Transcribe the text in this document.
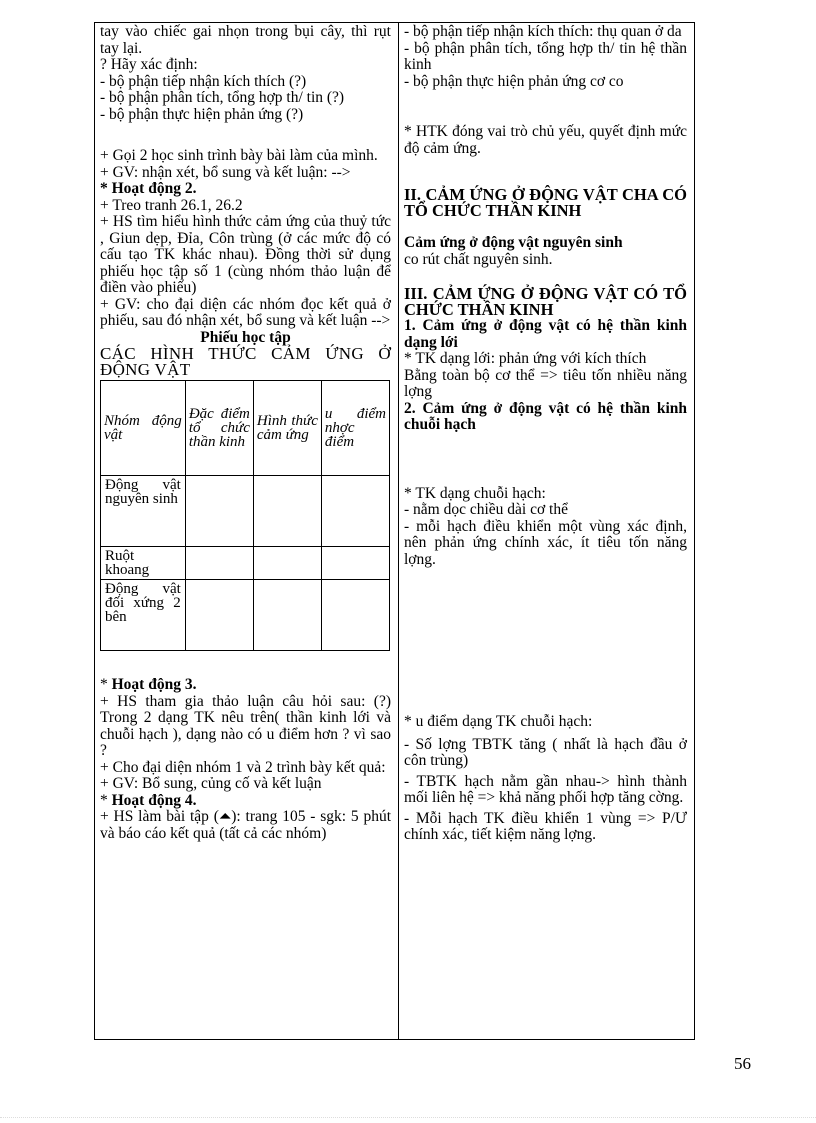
tay vào chiếc gai nhọn trong bụi cây, thì rụt tay lại.

? Hãy xác định:

- bộ phận tiếp nhận kích thích (?)

- bộ phận phân tích, tổng hợp th/ tin (?)

- bộ phận thực hiện phản ứng (?)

+ Gọi 2 học sinh trình bày bài làm của mình.

+ GV: nhận xét, bổ sung và kết luận: -->

* Hoạt động 2.

+ Treo tranh 26.1, 26.2

+ HS tìm hiểu hình thức cảm ứng của thuỷ tức , Giun dẹp, Đỉa, Côn trùng (ở các mức độ có cấu tạo TK khác nhau). Đồng thời sử dụng phiếu học tập số 1 (cùng nhóm thảo luận để điền vào phiếu)

+ GV: cho đại diện các nhóm đọc kết quả ở phiếu, sau đó nhận xét, bổ sung và kết luận -->

Phiếu học tập

CÁC HÌNH THỨC CẢM ỨNG Ở ĐỘNG VẬT

Nhóm động vật	Đặc điểm tổ chức thần kinh	Hình thức cảm ứng	u điểm nhợc điểm
Động vật nguyên sinh			
Ruột khoang			
Động vật đối xứng 2 bên			

* Hoạt động 3.

+ HS tham gia thảo luận câu hỏi sau: (?) Trong 2 dạng TK nêu trên( thần kinh lới và chuỗi hạch ), dạng nào có u điểm hơn ? vì sao ?

+ Cho đại diện nhóm 1 và 2 trình bày kết quả:

+ GV: Bổ sung, củng cố và kết luận

* Hoạt động 4.

+ HS làm bài tập (⏶): trang 105 - sgk: 5 phút và báo cáo kết quả (tất cả các nhóm)

- bộ phận tiếp nhận kích thích: thụ quan ở da

- bộ phận phân tích, tổng hợp th/ tin hệ thần kinh

- bộ phận thực hiện phản ứng cơ co

* HTK đóng vai trò chủ yếu, quyết định mức độ cảm ứng.

II. CẢM ỨNG Ở ĐỘNG VẬT CHA CÓ TỔ CHỨC THẦN KINH

Cảm ứng ở động vật nguyên sinh

co rút chất nguyên sinh.

III. CẢM ỨNG Ở ĐỘNG VẬT CÓ TỔ CHỨC THẦN KINH

1. Cảm ứng ở động vật có hệ thần kinh dạng lới

* TK dạng lới: phản ứng với kích thích

Bằng toàn bộ cơ thể => tiêu tốn nhiều năng lợng

2. Cảm ứng ở động vật có hệ thần kinh chuỗi hạch

* TK dạng chuỗi hạch:

- nằm dọc chiều dài cơ thể

- mỗi hạch điều khiển một vùng xác định, nên phản ứng chính xác, ít tiêu tốn năng lợng.

* u điểm dạng TK chuỗi hạch:

- Số lợng TBTK tăng ( nhất là hạch đầu ở côn trùng)

- TBTK hạch nằm gần nhau-> hình thành mối liên hệ => khả năng phối hợp tăng cờng.

- Mỗi hạch TK điều khiển 1 vùng => P/Ư chính xác, tiết kiệm năng lợng.

56
